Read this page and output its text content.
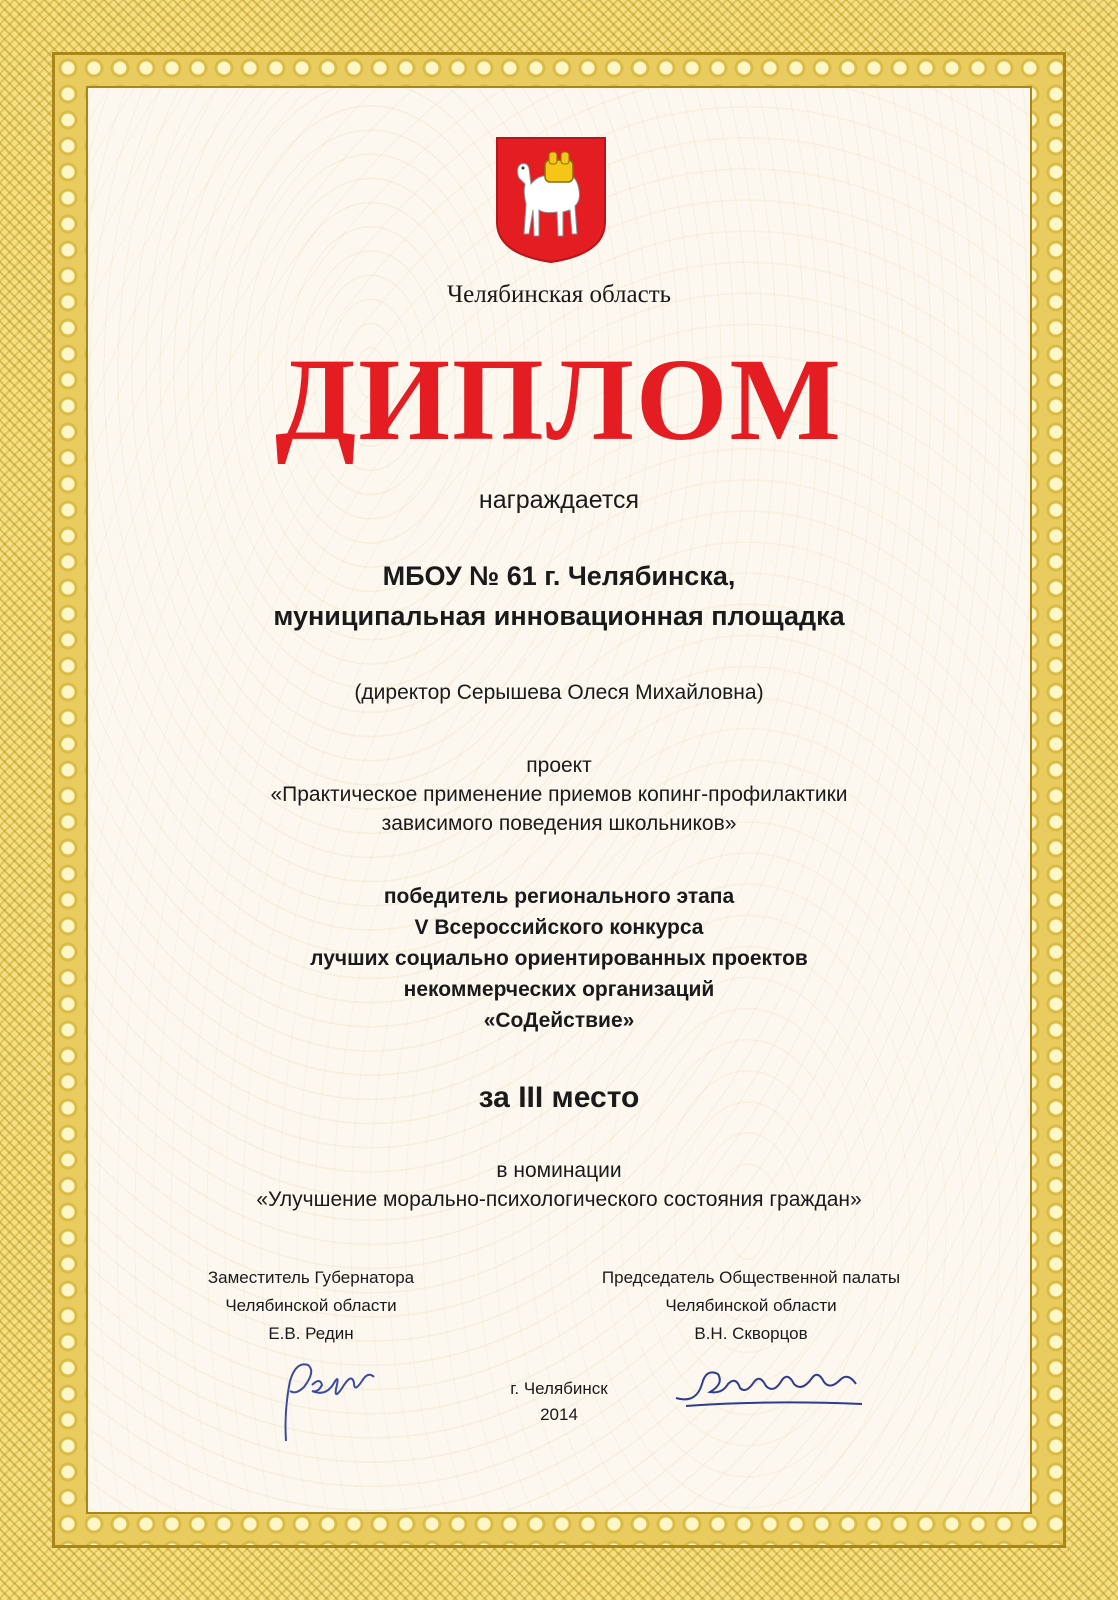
Челябинская область
ДИПЛОМ
награждается
МБОУ № 61 г. Челябинска,
муниципальная инновационная площадка
(директор Серышева Олеся Михайловна)
проект
«Практическое применение приемов копинг-профилактики
зависимого поведения школьников»
победитель регионального этапа
V Всероссийского конкурса
лучших социально ориентированных проектов
некоммерческих организаций
«СоДействие»
за III место
в номинации
«Улучшение морально-психологического состояния граждан»
Заместитель Губернатора
Челябинской области
Е.В. Редин
Председатель Общественной палаты
Челябинской области
В.Н. Скворцов
г. Челябинск
2014
